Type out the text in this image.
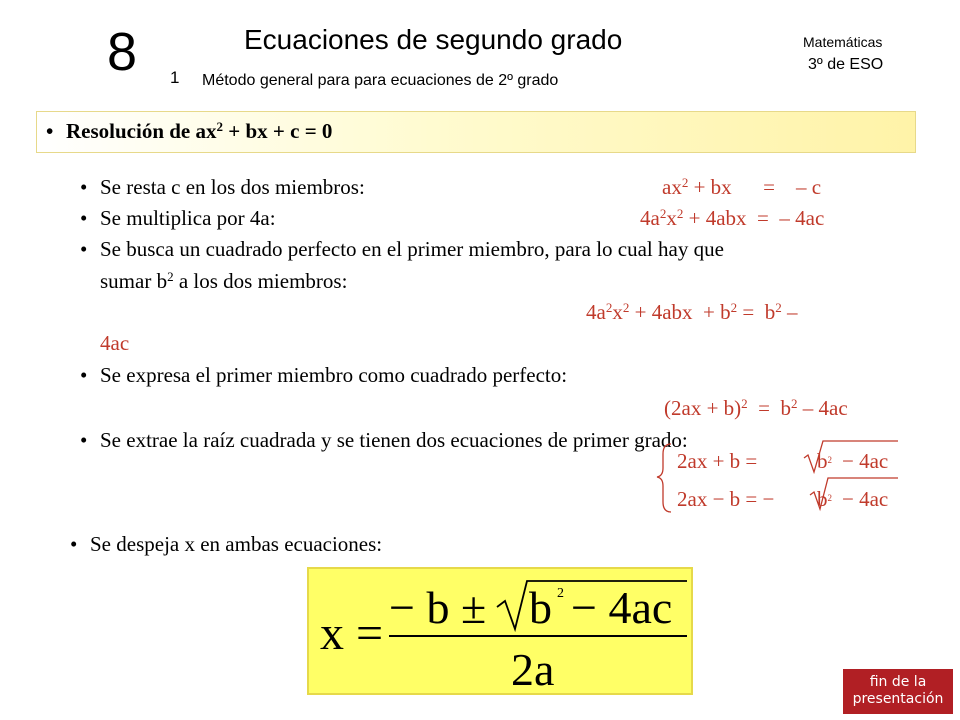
8 1
Ecuaciones de segundo grado
Método general para para ecuaciones de 2º grado
Matemáticas
3º de ESO
• Resolución de $ax^2$ + bx + c = 0
• Se resta c en los dos miembros:	$ax^2$ + bx      =    – c
• Se multiplica por 4a:	$4a^2x^2 + 4abx$  =  – 4ac
• Se busca un cuadrado perfecto en el primer miembro, para lo cual hay que
sumar $b^2$ a los dos miembros:
$4a^2x^2 + 4abx + b^2 = b^2$ –
4ac
• Se expresa el primer miembro como cuadrado perfecto:
$(2ax + b)^2 = b^2 - 4ac$
• Se extrae la raíz cuadrada y se tienen dos ecuaciones de primer grado:
2ax + b =	$b^2 - 4ac$
2ax − b = − $b^2 - 4ac$
• Se despeja x en ambas ecuaciones:
x = − b ± b 2 − 4ac
2a	fin de la
presentación
